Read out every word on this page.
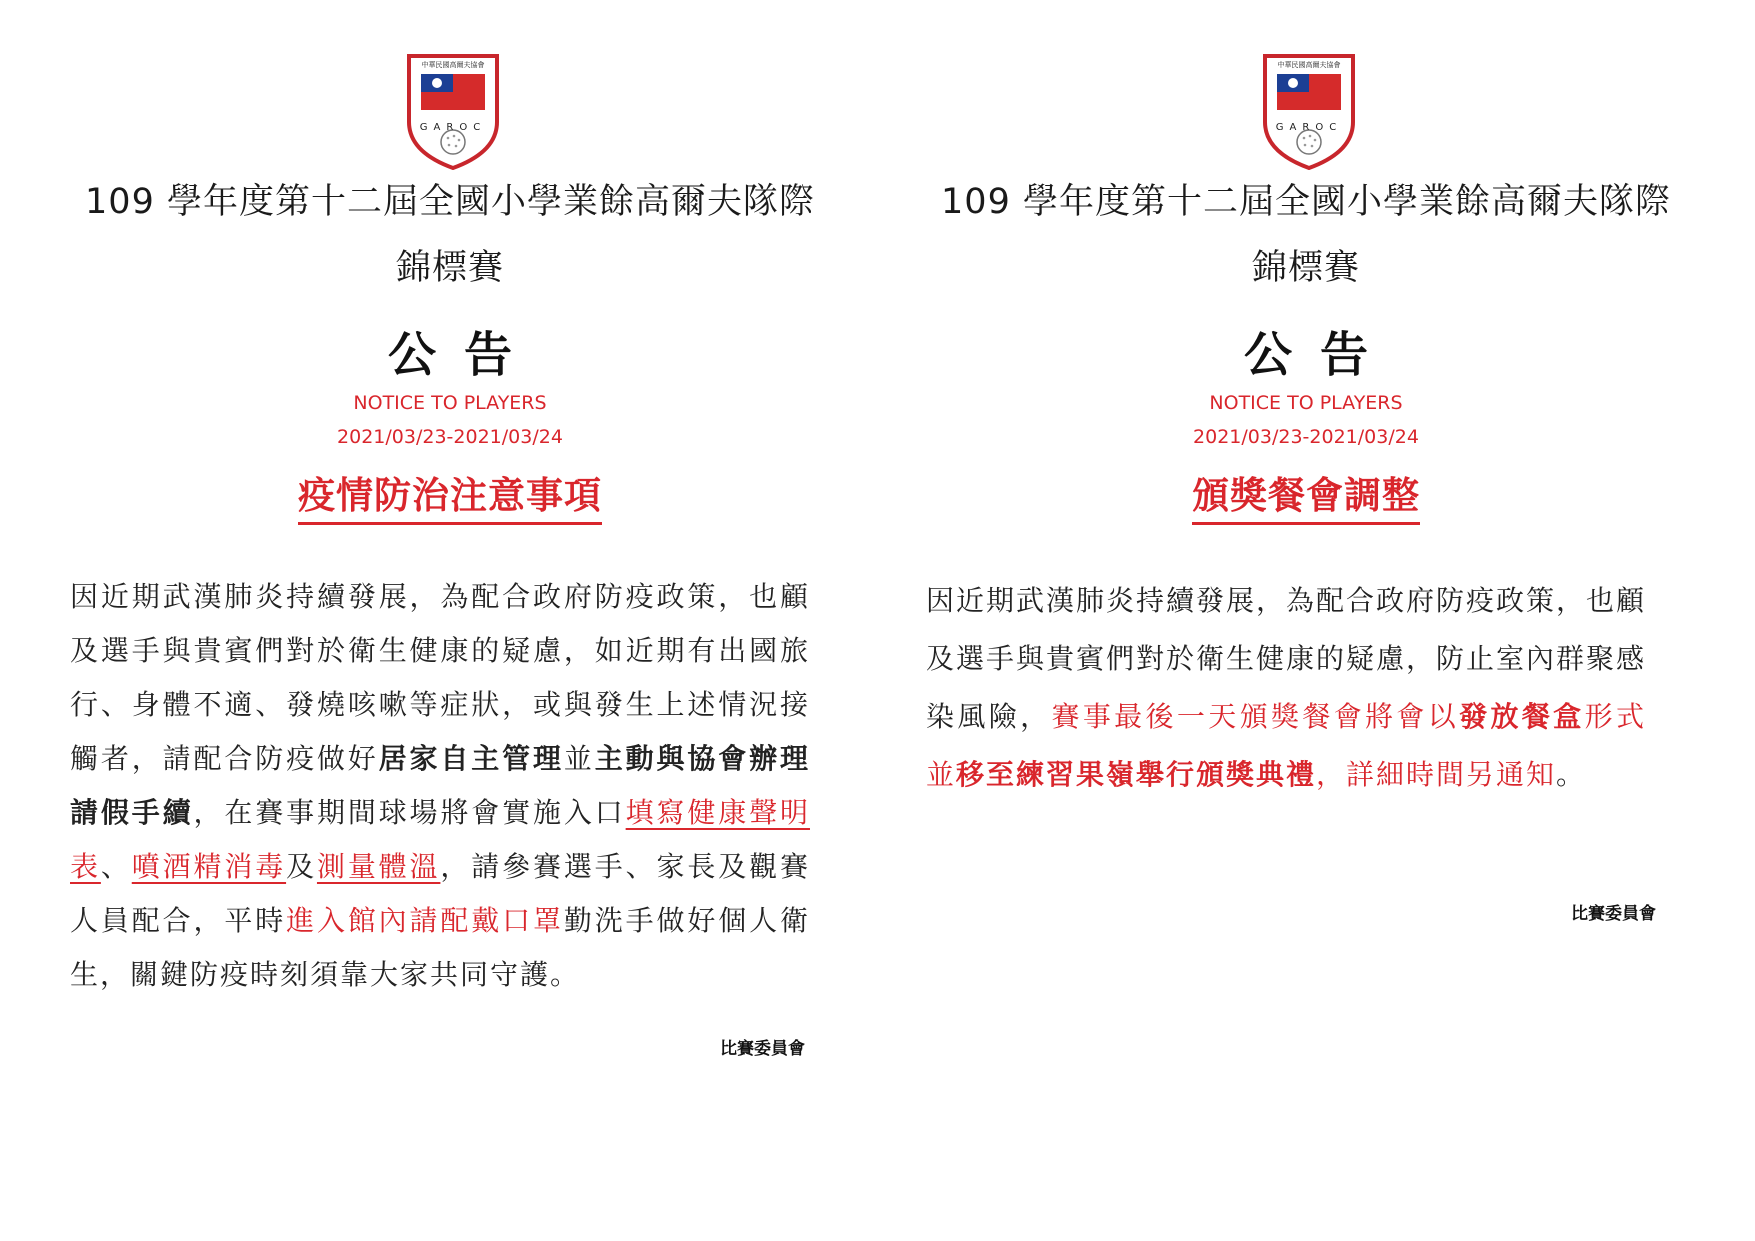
中華民國高爾夫協會
GAROC
109 學年度第十二屆全國小學業餘高爾夫隊際
錦標賽
公告
NOTICE TO PLAYERS
2021/03/23-2021/03/24
疫情防治注意事項
因近期武漢肺炎持續發展，為配合政府防疫政策，也顧及選手與貴賓們對於衛生健康的疑慮，如近期有出國旅行、身體不適、發燒咳嗽等症狀，或與發生上述情況接觸者，請配合防疫做好居家自主管理並主動與協會辦理請假手續，在賽事期間球場將會實施入口填寫健康聲明表、噴酒精消毒及測量體溫，請參賽選手、家長及觀賽人員配合，平時進入館內請配戴口罩勤洗手做好個人衛生，關鍵防疫時刻須靠大家共同守護。
比賽委員會
中華民國高爾夫協會
GAROC
109 學年度第十二屆全國小學業餘高爾夫隊際
錦標賽
公告
NOTICE TO PLAYERS
2021/03/23-2021/03/24
頒獎餐會調整
因近期武漢肺炎持續發展，為配合政府防疫政策，也顧及選手與貴賓們對於衛生健康的疑慮，防止室內群聚感染風險，賽事最後一天頒獎餐會將會以發放餐盒形式並移至練習果嶺舉行頒獎典禮，詳細時間另通知。
比賽委員會
